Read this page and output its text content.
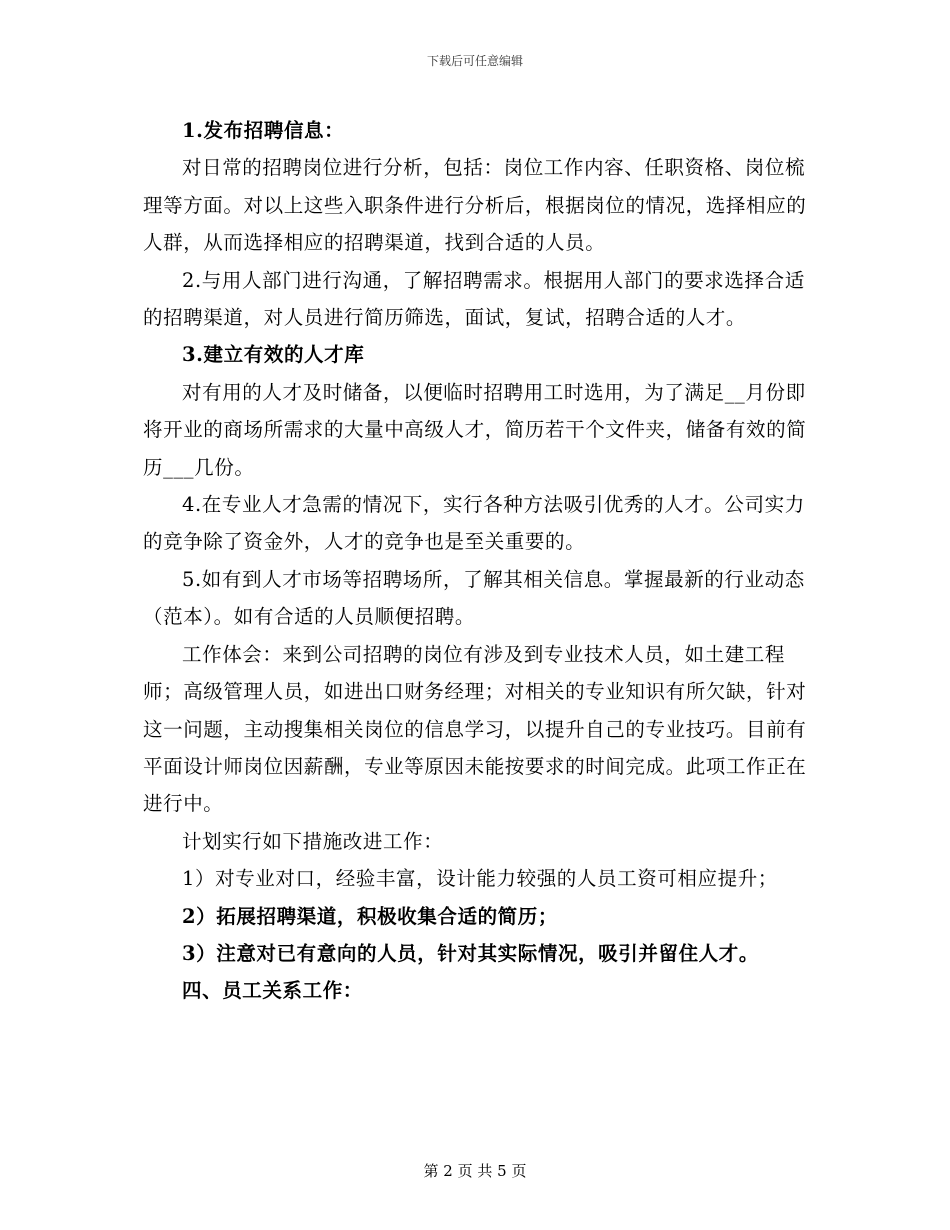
下载后可任意编辑

1.发布招聘信息：

对日常的招聘岗位进行分析，包括：岗位工作内容、任职资格、岗位梳理等方面。对以上这些入职条件进行分析后，根据岗位的情况，选择相应的人群，从而选择相应的招聘渠道，找到合适的人员。

2.与用人部门进行沟通，了解招聘需求。根据用人部门的要求选择合适的招聘渠道，对人员进行简历筛选，面试，复试，招聘合适的人才。

3.建立有效的人才库

对有用的人才及时储备，以便临时招聘用工时选用，为了满足__月份即将开业的商场所需求的大量中高级人才，简历若干个文件夹，储备有效的简历___几份。

4.在专业人才急需的情况下，实行各种方法吸引优秀的人才。公司实力的竞争除了资金外，人才的竞争也是至关重要的。

5.如有到人才市场等招聘场所，了解其相关信息。掌握最新的行业动态（范本）。如有合适的人员顺便招聘。

工作体会：来到公司招聘的岗位有涉及到专业技术人员，如土建工程师；高级管理人员，如进出口财务经理；对相关的专业知识有所欠缺，针对这一问题，主动搜集相关岗位的信息学习，以提升自己的专业技巧。目前有平面设计师岗位因薪酬，专业等原因未能按要求的时间完成。此项工作正在进行中。

计划实行如下措施改进工作：

1）对专业对口，经验丰富，设计能力较强的人员工资可相应提升；

2）拓展招聘渠道，积极收集合适的简历；

3）注意对已有意向的人员，针对其实际情况，吸引并留住人才。

四、员工关系工作：

第 2 页 共 5 页
